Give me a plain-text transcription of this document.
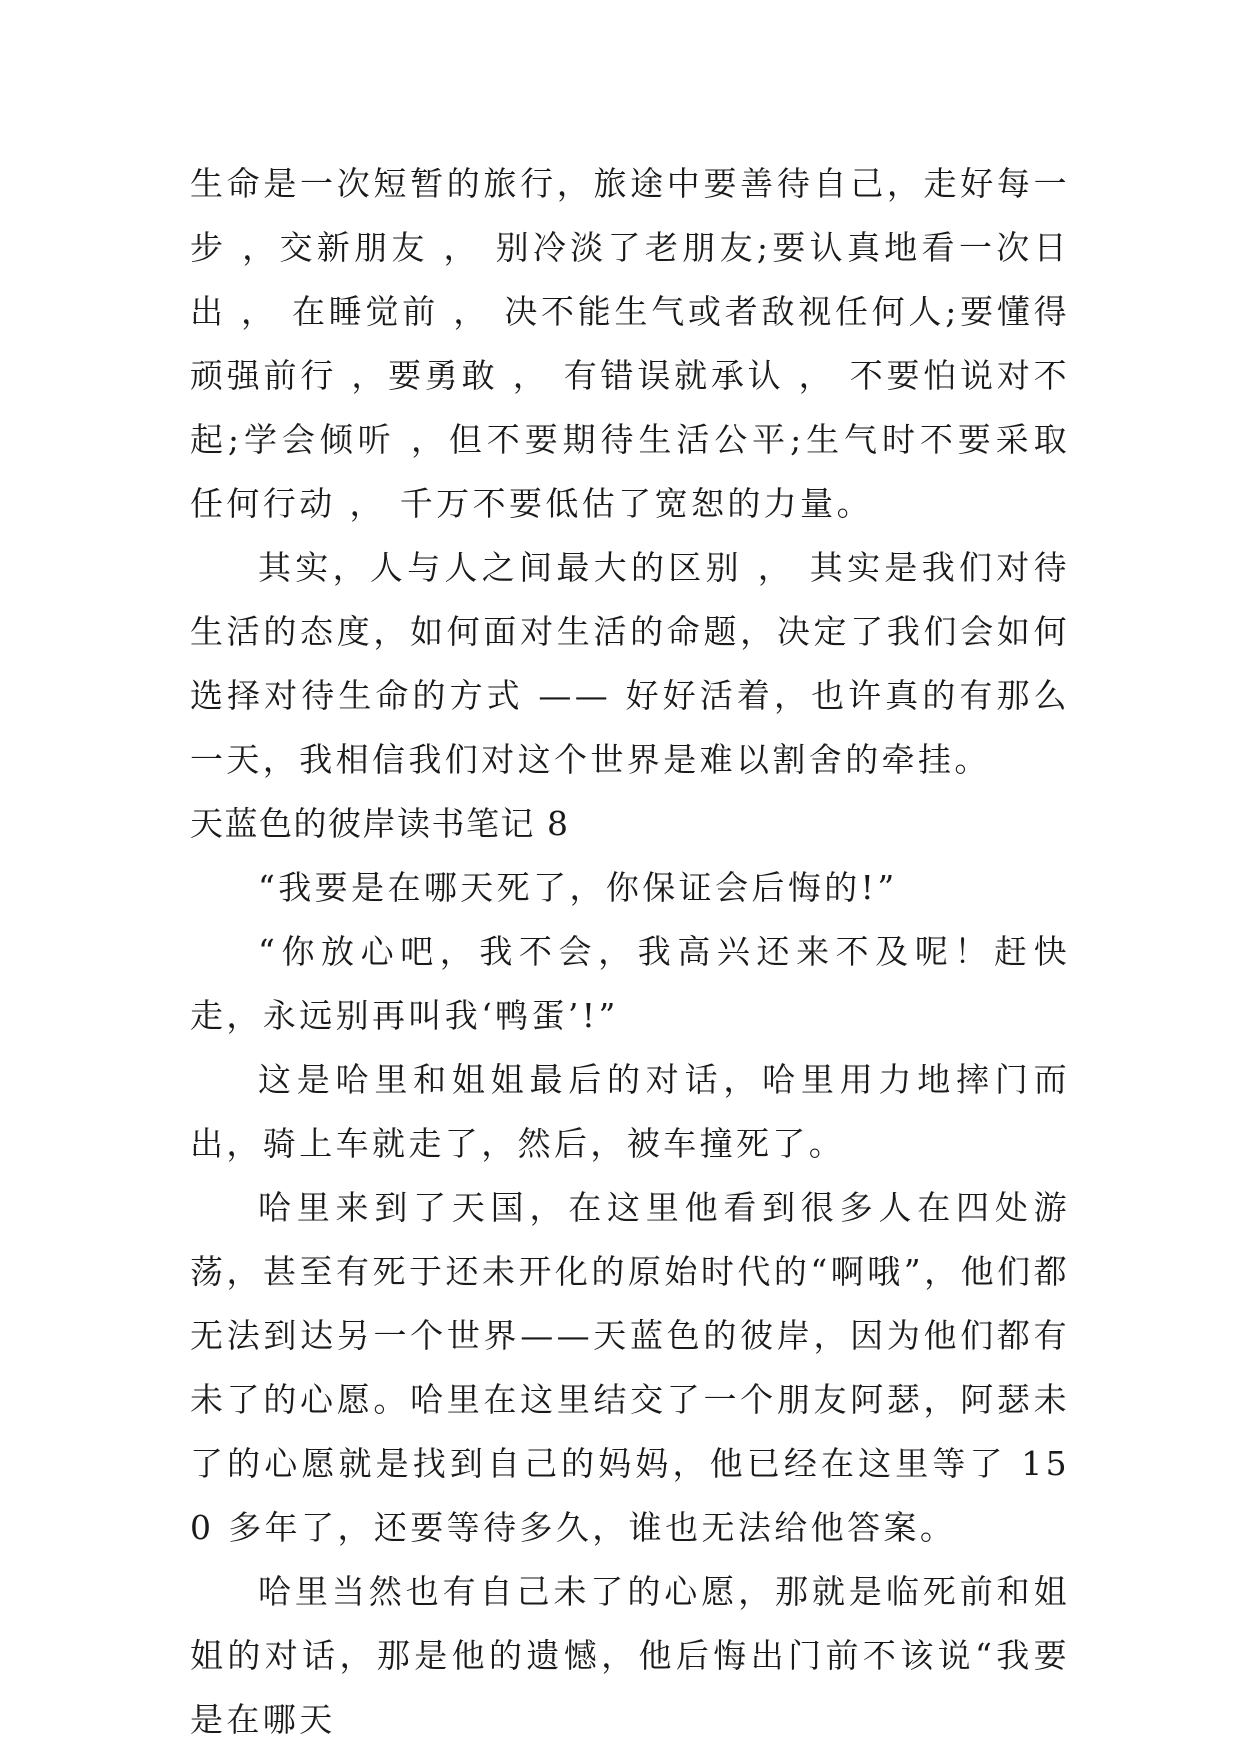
生命是一次短暂的旅行，旅途中要善待自己，走好每一步 ，交新朋友 ， 别冷淡了老朋友;要认真地看一次日出 ， 在睡觉前 ， 决不能生气或者敌视任何人;要懂得顽强前行 ，要勇敢 ， 有错误就承认 ， 不要怕说对不起;学会倾听 ，但不要期待生活公平;生气时不要采取任何行动 ， 千万不要低估了宽恕的力量。

其实，人与人之间最大的区别 ， 其实是我们对待生活的态度，如何面对生活的命题，决定了我们会如何选择对待生命的方式 —— 好好活着，也许真的有那么一天，我相信我们对这个世界是难以割舍的牵挂。

天蓝色的彼岸读书笔记 8

“我要是在哪天死了，你保证会后悔的!”

“你放心吧，我不会，我高兴还来不及呢！赶快走，永远别再叫我‘鸭蛋’!”

这是哈里和姐姐最后的对话，哈里用力地摔门而出，骑上车就走了，然后，被车撞死了。

哈里来到了天国，在这里他看到很多人在四处游荡，甚至有死于还未开化的原始时代的“啊哦”，他们都无法到达另一个世界——天蓝色的彼岸，因为他们都有未了的心愿。哈里在这里结交了一个朋友阿瑟，阿瑟未了的心愿就是找到自己的妈妈，他已经在这里等了 150 多年了，还要等待多久，谁也无法给他答案。

哈里当然也有自己未了的心愿，那就是临死前和姐姐的对话，那是他的遗憾，他后悔出门前不该说“我要是在哪天
